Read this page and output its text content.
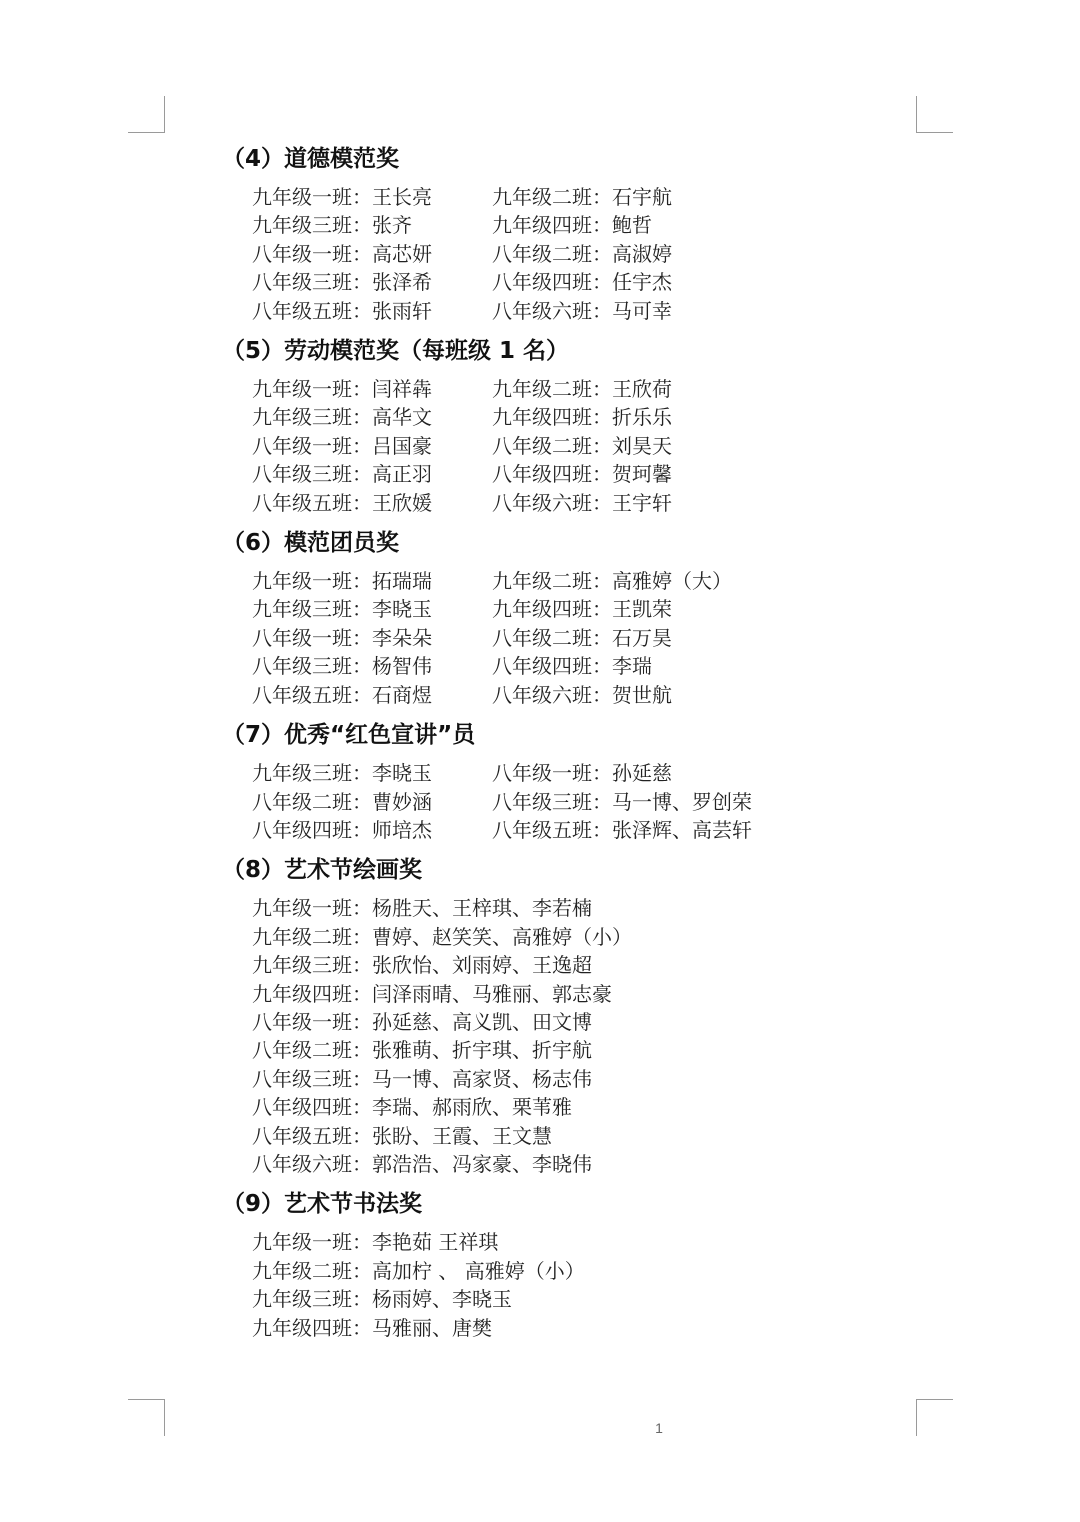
（4）道德模范奖
九年级一班：王长亮	九年级二班：石宇航
九年级三班：张齐	九年级四班：鲍哲
八年级一班：高芯妍	八年级二班：高淑婷
八年级三班：张泽希	八年级四班：任宇杰
八年级五班：张雨轩	八年级六班：马可幸
（5）劳动模范奖（每班级 1 名）
九年级一班：闫祥犇	九年级二班：王欣荷
九年级三班：高华文	九年级四班：折乐乐
八年级一班：吕国豪	八年级二班：刘昊天
八年级三班：高正羽	八年级四班：贺珂馨
八年级五班：王欣媛	八年级六班：王宇轩
（6）模范团员奖
九年级一班：拓瑞瑞	九年级二班：高雅婷（大）
九年级三班：李晓玉	九年级四班：王凯荣
八年级一班：李朵朵	八年级二班：石万昊
八年级三班：杨智伟	八年级四班：李瑞
八年级五班：石商煜	八年级六班：贺世航
（7）优秀“红色宣讲”员
九年级三班：李晓玉	八年级一班：孙延慈
八年级二班：曹妙涵	八年级三班：马一博、罗创荣
八年级四班：师培杰	八年级五班：张泽辉、高芸轩
（8）艺术节绘画奖
九年级一班：杨胜天、王梓琪、李若楠
九年级二班：曹婷、赵笑笑、高雅婷（小）
九年级三班：张欣怡、刘雨婷、王逸超
九年级四班：闫泽雨晴、马雅丽、郭志豪
八年级一班：孙延慈、高义凯、田文博
八年级二班：张雅萌、折宇琪、折宇航
八年级三班：马一博、高家贤、杨志伟
八年级四班：李瑞、郝雨欣、栗苇雅
八年级五班：张盼、王霞、王文慧
八年级六班：郭浩浩、冯家豪、李晓伟
（9）艺术节书法奖
九年级一班：李艳茹 王祥琪
九年级二班：高加柠 、 高雅婷（小）
九年级三班：杨雨婷、李晓玉
九年级四班：马雅丽、唐樊
1
